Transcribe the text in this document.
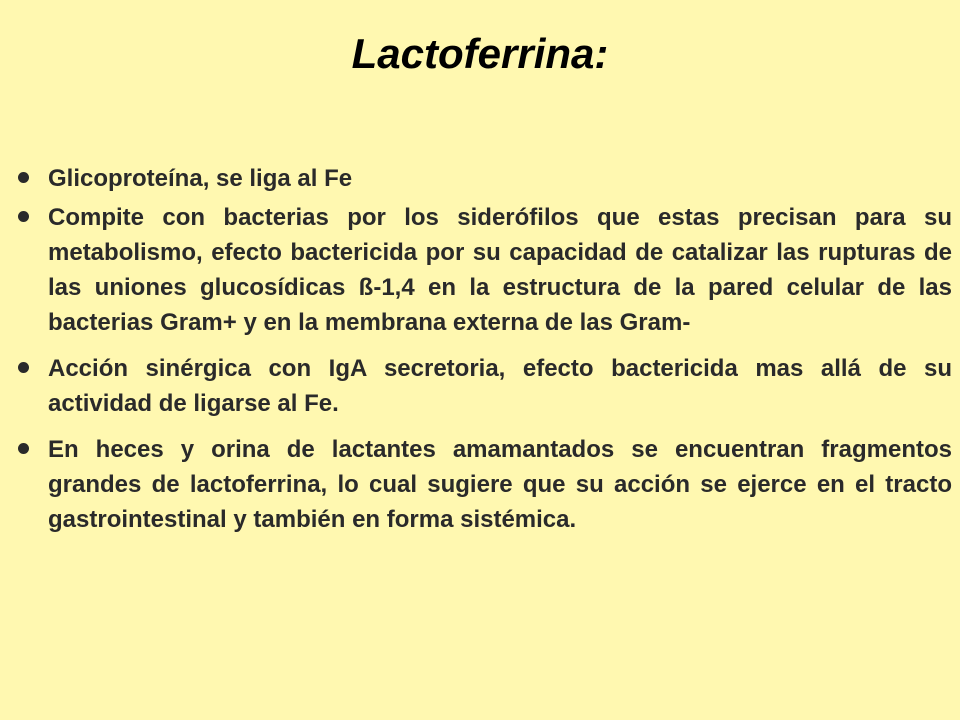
Lactoferrina:
Glicoproteína, se liga al Fe
Compite con bacterias por los sideróﬁlos que estas precisan para su metabolismo, efecto bactericida por su capacidad de catalizar las rupturas de las uniones glucosídicas ß-1,4 en la estructura de la pared celular de las bacterias Gram+ y en la membrana externa de las Gram-
Acción sinérgica con IgA secretoria, efecto bactericida mas allá de su actividad de ligarse al Fe.
En heces y orina de lactantes amamantados se encuentran fragmentos grandes de lactoferrina, lo cual sugiere que su acción se ejerce en el tracto gastrointestinal y también en forma sistémica.
